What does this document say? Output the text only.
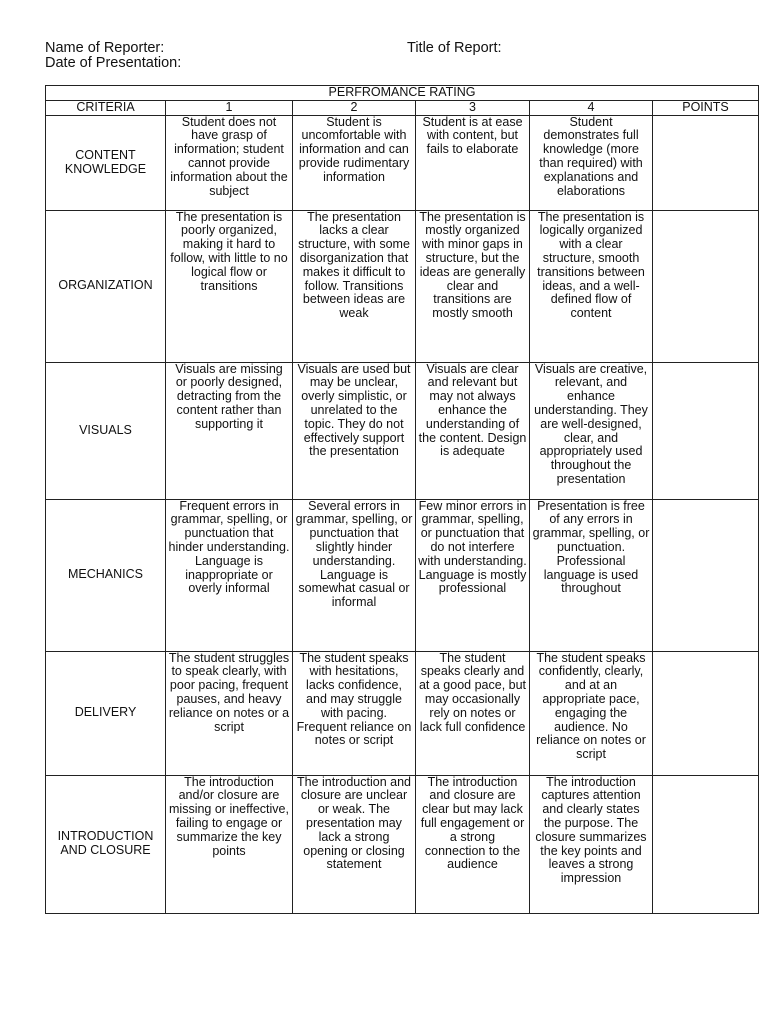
Name of Reporter:
Date of Presentation:
Title of Report:
PERFROMANCE RATING					
CRITERIA	1	2	3	4	POINTS
CONTENT KNOWLEDGE	Student does not have grasp of information; student cannot provide information about the subject	Student is uncomfortable with information and can provide rudimentary information	Student is at ease with content, but fails to elaborate	Student demonstrates full knowledge (more than required) with explanations and elaborations	
ORGANIZATION	The presentation is poorly organized, making it hard to follow, with little to no logical flow or transitions	The presentation lacks a clear structure, with some disorganization that makes it difficult to follow. Transitions between ideas are weak	The presentation is mostly organized with minor gaps in structure, but the ideas are generally clear and transitions are mostly smooth	The presentation is logically organized with a clear structure, smooth transitions between ideas, and a well-defined flow of content	
VISUALS	Visuals are missing or poorly designed, detracting from the content rather than supporting it	Visuals are used but may be unclear, overly simplistic, or unrelated to the topic. They do not effectively support the presentation	Visuals are clear and relevant but may not always enhance the understanding of the content. Design is adequate	Visuals are creative, relevant, and enhance understanding. They are well-designed, clear, and appropriately used throughout the presentation	
MECHANICS	Frequent errors in grammar, spelling, or punctuation that hinder understanding. Language is inappropriate or overly informal	Several errors in grammar, spelling, or punctuation that slightly hinder understanding. Language is somewhat casual or informal	Few minor errors in grammar, spelling, or punctuation that do not interfere with understanding. Language is mostly professional	Presentation is free of any errors in grammar, spelling, or punctuation. Professional language is used throughout	
DELIVERY	The student struggles to speak clearly, with poor pacing, frequent pauses, and heavy reliance on notes or a script	The student speaks with hesitations, lacks confidence, and may struggle with pacing. Frequent reliance on notes or script	The student speaks clearly and at a good pace, but may occasionally rely on notes or lack full confidence	The student speaks confidently, clearly, and at an appropriate pace, engaging the audience. No reliance on notes or script	
INTRODUCTION AND CLOSURE	The introduction and/or closure are missing or ineffective, failing to engage or summarize the key points	The introduction and closure are unclear or weak. The presentation may lack a strong opening or closing statement	The introduction and closure are clear but may lack full engagement or a strong connection to the audience	The introduction captures attention and clearly states the purpose. The closure summarizes the key points and leaves a strong impression	
